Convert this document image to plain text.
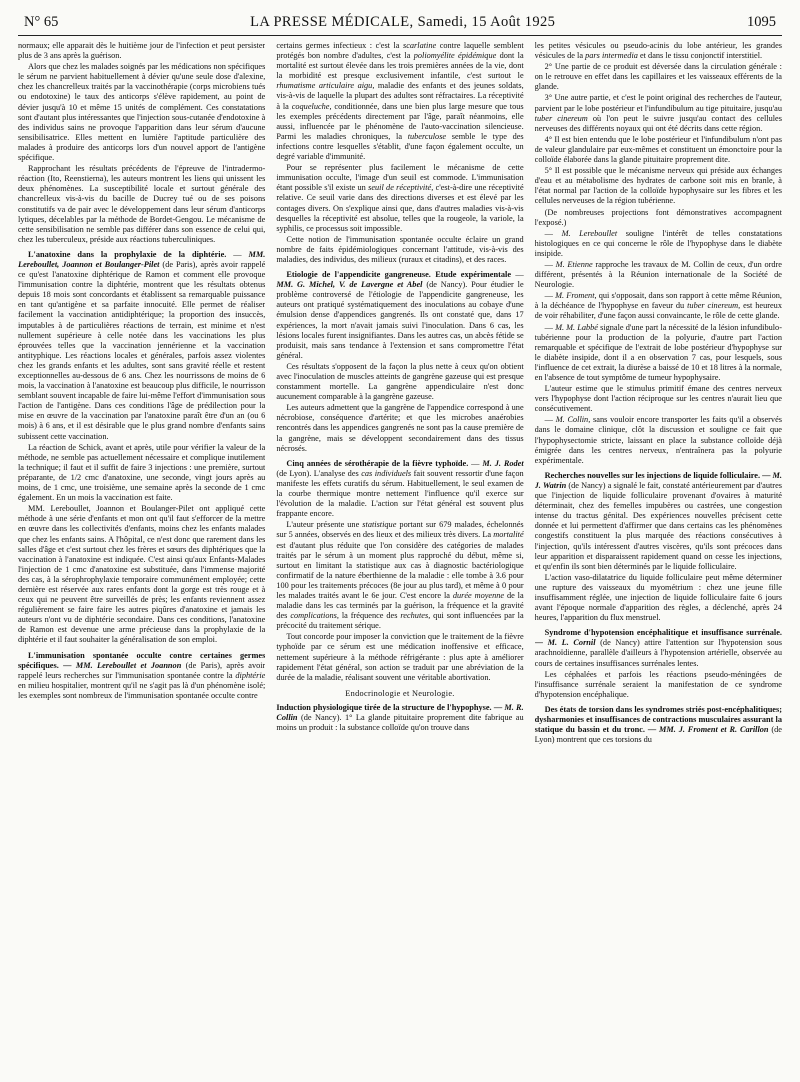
N° 65	LA PRESSE MÉDICALE, Samedi, 15 Août 1925	1095

normaux; elle apparait dès le huitième jour de l'infection et peut persister plus de 3 ans après la guérison.

Alors que chez les malades soignés par les médications non spécifiques le sérum ne parvient habituellement à dévier qu'une seule dose d'alexine, chez les chancrelleux traités par la vaccinothérapie (corps microbiens tués ou endotoxine) le taux des anticorps s'élève rapidement, au point de dévier jusqu'à 10 et même 15 unités de complément. Ces constatations sont d'autant plus intéressantes que l'injection sous-cutanée d'endotoxine à des individus sains ne provoque l'apparition dans leur sérum d'aucune sensibilisatrice. Elles mettent en lumière l'aptitude particulière des malades à produire des anticorps lors d'un nouvel apport de l'antigène spécifique.

Rapprochant les résultats précédents de l'épreuve de l'intradermo-réaction (Ito, Reenstierna), les auteurs montrent les liens qui unissent les deux phénomènes. La susceptibilité locale et surtout générale des chancrelleux vis-à-vis du bacille de Ducrey tué ou de ses poisons constitutifs va de pair avec le développement dans leur sérum d'anticorps lytiques, décelables par la méthode de Bordet-Gengou. Le mécanisme de cette sensibilisation ne semble pas différer dans son essence de celui qui, chez les tuberculeux, préside aux réactions tuberculiniques.

L'anatoxine dans la prophylaxie de la diphtérie. — MM. Lereboullet, Joannon et Boulanger-Pilet (de Paris), après avoir rappelé ce qu'est l'anatoxine diphtérique de Ramon et comment elle provoque l'immunisation contre la diphtérie, montrent que les résultats obtenus depuis 18 mois sont concordants et établissent sa remarquable puissance en tant qu'antigène et sa parfaite innocuité. Elle permet de réaliser facilement la vaccination antidiphtérique; la proportion des insuccès, imputables à de particulières réactions de terrain, est minime et n'est nullement supérieure à celle notée dans les vaccinations les plus éprouvées telles que la vaccination jennérienne et la vaccination antityphique. Les réactions locales et générales, parfois assez violentes chez les grands enfants et les adultes, sont sans gravité réelle et restent exceptionnelles au-dessous de 6 ans. Chez les nourrissons de moins de 6 mois, la vaccination à l'anatoxine est beaucoup plus difficile, le nourrisson semblant souvent incapable de faire lui-même l'effort d'immunisation sous l'action de l'antigène. Dans ces conditions l'âge de prédilection pour la mise en œuvre de la vaccination par l'anatoxine paraît être d'un an (ou 6 mois) à 6 ans, et il est désirable que le plus grand nombre d'enfants sains subissent cette vaccination.

La réaction de Schick, avant et après, utile pour vérifier la valeur de la méthode, ne semble pas actuellement nécessaire et complique inutilement la technique; il faut et il suffit de faire 3 injections : une première, surtout préparante, de 1/2 cmc d'anatoxine, une seconde, vingt jours après au moins, de 1 cmc, une troisième, une semaine après la seconde de 1 cmc également. En un mois la vaccination est faite.

MM. Lereboullet, Joannon et Boulanger-Pilet ont appliqué cette méthode à une série d'enfants et mon ont qu'il faut s'efforcer de la mettre en œuvre dans les collectivités d'enfants, moins chez les enfants malades que chez les enfants sains. A l'hôpital, ce n'est donc que rarement dans les salles d'âge et c'est surtout chez les frères et sœurs des diphtériques que la vaccination à l'anatoxine est indiquée. C'est ainsi qu'aux Enfants-Malades l'injection de 1 cmc d'anatoxine est substituée, dans l'immense majorité des cas, à la sérophrophylaxie temporaire communément employée; cette dernière est réservée aux rares enfants dont la gorge est très rouge et à ceux qui ne peuvent être surveillés de près; les enfants reviennent assez régulièrement se faire faire les autres piqûres d'anatoxine et jamais les auteurs n'ont vu de diphtérie secondaire. Dans ces conditions, l'anatoxine de Ramon est devenue une arme précieuse dans la prophylaxie de la diphtérie et il faut souhaiter la généralisation de son emploi.

L'immunisation spontanée occulte contre certaines germes spécifiques. — MM. Lereboullet et Joannon (de Paris), après avoir rappelé leurs recherches sur l'immunisation spontanée contre la diphtérie en milieu hospitalier, montrent qu'il ne s'agit pas là d'un phénomène isolé; les exemples sont nombreux de l'immunisation spontanée occulte contre

certains germes infectieux : c'est la scarlatine contre laquelle semblent protégés bon nombre d'adultes, c'est la poliomyélite épidémique dont la mortalité est surtout élevée dans les trois premières années de la vie, dont la morbidité est presque exclusivement infantile, c'est surtout le rhumatisme articulaire aigu, maladie des enfants et des jeunes soldats, vis-à-vis de laquelle la plupart des adultes sont réfractaires. La réceptivité à la coqueluche, conditionnée, dans une bien plus large mesure que tous les exemples précédents directement par l'âge, paraît néanmoins, elle aussi, influencée par le phénomène de l'auto-vaccination silencieuse. Parmi les maladies chroniques, la tuberculose semble le type des infections contre lesquelles s'établit, d'une façon également occulte, un degré variable d'immunité.

Pour se représenter plus facilement le mécanisme de cette immunisation occulte, l'image d'un seuil est commode. L'immunisation étant possible s'il existe un seuil de réceptivité, c'est-à-dire une réceptivité relative. Ce seuil varie dans des directions diverses et est élevé par les contages divers. On s'explique ainsi que, dans d'autres maladies vis-à-vis desquelles la réceptivité est absolue, telles que la rougeole, la variole, la syphilis, ce processus soit impossible.

Cette notion de l'immunisation spontanée occulte éclaire un grand nombre de faits épidémiologiques concernant l'attitude, vis-à-vis des maladies, des individus, des milieux (ruraux et citadins), et des races.

Etiologie de l'appendicite gangreneuse. Etude expérimentale — MM. G. Michel, V. de Lavergne et Abel (de Nancy). Pour étudier le problème controversé de l'étiologie de l'appendicite gangreneuse, les auteurs ont pratiqué systématiquement des inoculations au cobaye d'une émulsion dense d'appendices gangrenés. Ils ont constaté que, dans 17 expériences, la mort n'avait jamais suivi l'inoculation. Dans 6 cas, les lésions locales furent insignifiantes. Dans les autres cas, un abcès fétide se produisit, mais sans tendance à l'extension et sans compromettre l'état général.

Ces résultats s'opposent de la façon la plus nette à ceux qu'on obtient avec l'inoculation de muscles atteints de gangrène gazeuse qui est presque constamment mortelle. La gangrène appendiculaire n'est donc aucunement comparable à la gangrène gazeuse.

Les auteurs admettent que la gangrène de l'appendice correspond à une nécrobiose, conséquence d'artérite; et que les microbes anaérobies rencontrés dans les appendices gangrenés ne sont pas la cause première de la gangrène, mais se développent secondairement dans des tissus nécrosés.

Cinq années de sérothérapie de la fièvre typhoïde. — M. J. Rodet (de Lyon). L'analyse des cas individuels fait souvent ressortir d'une façon manifeste les effets curatifs du sérum. Habituellement, le seul examen de la courbe thermique montre nettement l'influence qu'il exerce sur l'évolution de la maladie. L'action sur l'état général est souvent plus frappante encore.

L'auteur présente une statistique portant sur 679 malades, échelonnés sur 5 années, observés en des lieux et des milieux très divers. La mortalité est d'autant plus réduite que l'on considère des catégories de malades traités par le sérum à un moment plus rapproché du début, même si, surtout en limitant la statistique aux cas à diagnostic bactériologique confirmatif de la nature éberthienne de la maladie : elle tombe à 3.6 pour 100 pour les traitements précoces (8e jour au plus tard), et même à 0 pour les malades traités avant le 6e jour. C'est encore la durée moyenne de la maladie dans les cas terminés par la guérison, la fréquence et la gravité des complications, la fréquence des rechutes, qui sont influencées par la précocité du traitement sérique.

Tout concorde pour imposer la conviction que le traitement de la fièvre typhoïde par ce sérum est une médication inoffensive et efficace, nettement supérieure à la méthode réfrigérante : plus apte à améliorer rapidement l'état général, son action se traduit par une abréviation de la durée de la maladie, réalisant souvent une véritable abortivation.

Endocrinologie et Neurologie.

Induction physiologique tirée de la structure de l'hypophyse. — M. R. Collin (de Nancy). 1° La glande pituitaire proprement dite fabrique au moins un produit : la substance colloïde qu'on trouve dans

les petites vésicules ou pseudo-acinis du lobe antérieur, les grandes vésicules de la pars intermedia et dans le tissu conjonctif interstitiel.

2° Une partie de ce produit est déversée dans la circulation générale : on le retrouve en effet dans les capillaires et les vaisseaux efférents de la glande.

3° Une autre partie, et c'est le point original des recherches de l'auteur, parvient par le lobe postérieur et l'infundibulum au tige pituitaire, jusqu'au tuber cinereum où l'on peut le suivre jusqu'au contact des cellules nerveuses des différents noyaux qui ont été décrits dans cette région.

4° Il est bien entendu que le lobe postérieur et l'infundibulum n'ont pas de valeur glandulaire par eux-mêmes et constituent un émonctoire pour la colloïde élaborée dans la glande pituitaire proprement dite.

5° Il est possible que le mécanisme nerveux qui préside aux échanges d'eau et au métabolisme des hydrates de carbone soit mis en branle, à l'état normal par l'action de la colloïde hypophysaire sur les fibres et les cellules nerveuses de la région tubérienne.

(De nombreuses projections font démonstratives accompagnent l'exposé.)

— M. Lereboullet souligne l'intérêt de telles constatations histologiques en ce qui concerne le rôle de l'hypophyse dans le diabète insipide.

— M. Etienne rapproche les travaux de M. Collin de ceux, d'un ordre différent, présentés à la Réunion internationale de la Société de Neurologie.

— M. Froment, qui s'opposait, dans son rapport à cette même Réunion, à la déchéance de l'hypophyse en faveur du tuber cinereum, est heureux de voir réhabiliter, d'une façon aussi convaincante, le rôle de cette glande.

— M. M. Labbé signale d'une part la nécessité de la lésion infundibulo-tubérienne pour la production de la polyurie, d'autre part l'action remarquable et spécifique de l'extrait de lobe postérieur d'hypophyse sur le diabète insipide, dont il a en observation 7 cas, pour lesquels, sous l'influence de cet extrait, la diurèse a baissé de 10 et 18 litres à la normale, en l'absence de tout symptôme de tumeur hypophysaire.

L'auteur estime que le stimulus primitif émane des centres nerveux vers l'hypophyse dont l'action réciproque sur les centres n'aurait lieu que consécutivement.

— M. Collin, sans vouloir encore transporter les faits qu'il a observés dans le domaine clinique, clôt la discussion et souligne ce fait que l'hypophysectomie stricte, laissant en place la substance colloïde déjà émigrée dans les centres nerveux, n'entraînera pas la polyurie expérimentale.

Recherches nouvelles sur les injections de liquide folliculaire. — M. J. Watrin (de Nancy) a signalé le fait, constaté antérieurement par d'autres que l'injection de liquide folliculaire provenant d'ovaires à maturité déterminait, chez des femelles impubères ou castrées, une congestion intense du tractus génital. Des expériences nouvelles précisent cette donnée et lui permettent d'affirmer que dans certains cas les phénomènes congestifs constituent la plus marquée des réactions consécutives à l'injection, qu'ils intéressent d'autres viscères, qu'ils sont précoces dans leur apparition et disparaissent rapidement quand on cesse les injections, et qu'enfin ils sont bien déterminés par le liquide folliculaire.

L'action vaso-dilatatrice du liquide folliculaire peut même déterminer une rupture des vaisseaux du myométrium : chez une jeune fille insuffisamment réglée, une injection de liquide folliculaire faite 6 jours avant l'époque normale d'apparition des règles, a déclenché, après 24 heures, l'apparition du flux menstruel.

Syndrome d'hypotension encéphalitique et insuffisance surrénale. — M. L. Cornil (de Nancy) attire l'attention sur l'hypotension sous arachnoïdienne, parallèle d'ailleurs à l'hypotension artérielle, observée au cours de certaines insuffisances surrénales lentes.

Les céphalées et parfois les réactions pseudo-méningées de l'insuffisance surrénale seraient la manifestation de ce syndrome d'hypotension encéphalique.

Des états de torsion dans les syndromes striés post-encéphalitiques; dysharmonies et insuffisances de contractions musculaires assurant la statique du bassin et du tronc. — MM. J. Froment et R. Carillon (de Lyon) montrent que ces torsions du
